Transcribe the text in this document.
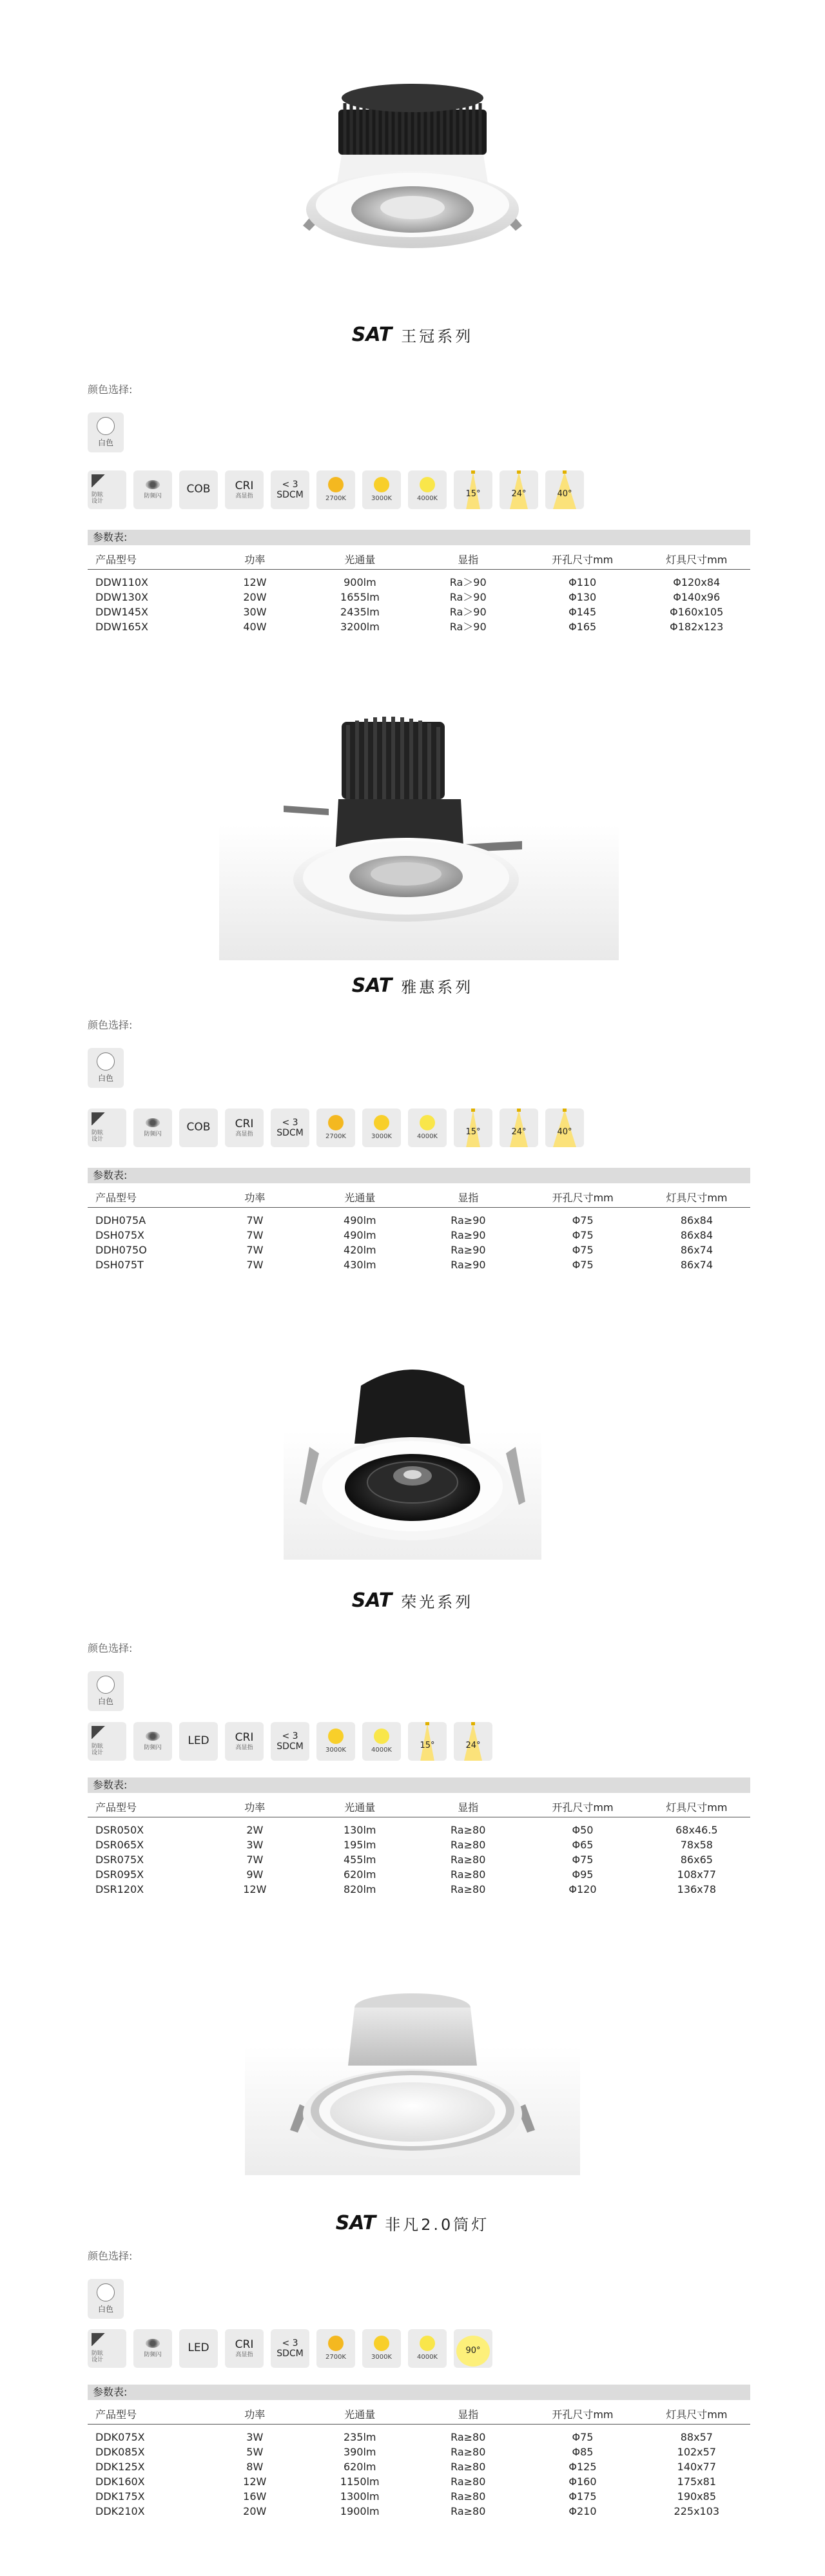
SAT 王冠系列
颜色选择:
白色
防眩
设计
防频闪
COB CRI
高显指
< 3
SDCM	2700K	3000K	4000K
15°	24°	40°
参数表:
产品型号	功率	光通量	显指	开孔尺寸mm	灯具尺寸mm
DDW110X	12W	900lm	Ra＞90	Φ110	Φ120x84
DDW130X	20W	1655lm	Ra＞90	Φ130	Φ140x96
DDW145X	30W	2435lm	Ra＞90	Φ145	Φ160x105
DDW165X	40W	3200lm	Ra＞90	Φ165	Φ182x123
SAT 雅惠系列
颜色选择:
白色
防眩
设计
防频闪
COB CRI
高显指
< 3
SDCM	2700K	3000K	4000K
15°	24°	40°
参数表:
产品型号	功率	光通量	显指	开孔尺寸mm	灯具尺寸mm
DDH075A	7W	490lm	Ra≥90	Φ75	86x84
DSH075X	7W	490lm	Ra≥90	Φ75	86x84
DDH075O	7W	420lm	Ra≥90	Φ75	86x74
DSH075T	7W	430lm	Ra≥90	Φ75	86x74
SAT 荣光系列
颜色选择:
白色
防眩
设计
防频闪
LED CRI
高显指
< 3
SDCM	3000K	4000K
15°	24°
参数表:
产品型号	功率	光通量	显指	开孔尺寸mm	灯具尺寸mm
DSR050X	2W	130lm	Ra≥80	Φ50	68x46.5
DSR065X	3W	195lm	Ra≥80	Φ65	78x58
DSR075X	7W	455lm	Ra≥80	Φ75	86x65
DSR095X	9W	620lm	Ra≥80	Φ95	108x77
DSR120X	12W	820lm	Ra≥80	Φ120	136x78
SAT 非凡2.0筒灯
颜色选择:
白色
防眩
设计
防频闪
LED CRI
高显指
< 3
SDCM	2700K	3000K	4000K
90°
参数表:
产品型号	功率	光通量	显指	开孔尺寸mm	灯具尺寸mm
DDK075X	3W	235lm	Ra≥80	Φ75	88x57
DDK085X	5W	390lm	Ra≥80	Φ85	102x57
DDK125X	8W	620lm	Ra≥80	Φ125	140x77
DDK160X	12W	1150lm	Ra≥80	Φ160	175x81
DDK175X	16W	1300lm	Ra≥80	Φ175	190x85
DDK210X	20W	1900lm	Ra≥80	Φ210	225x103
